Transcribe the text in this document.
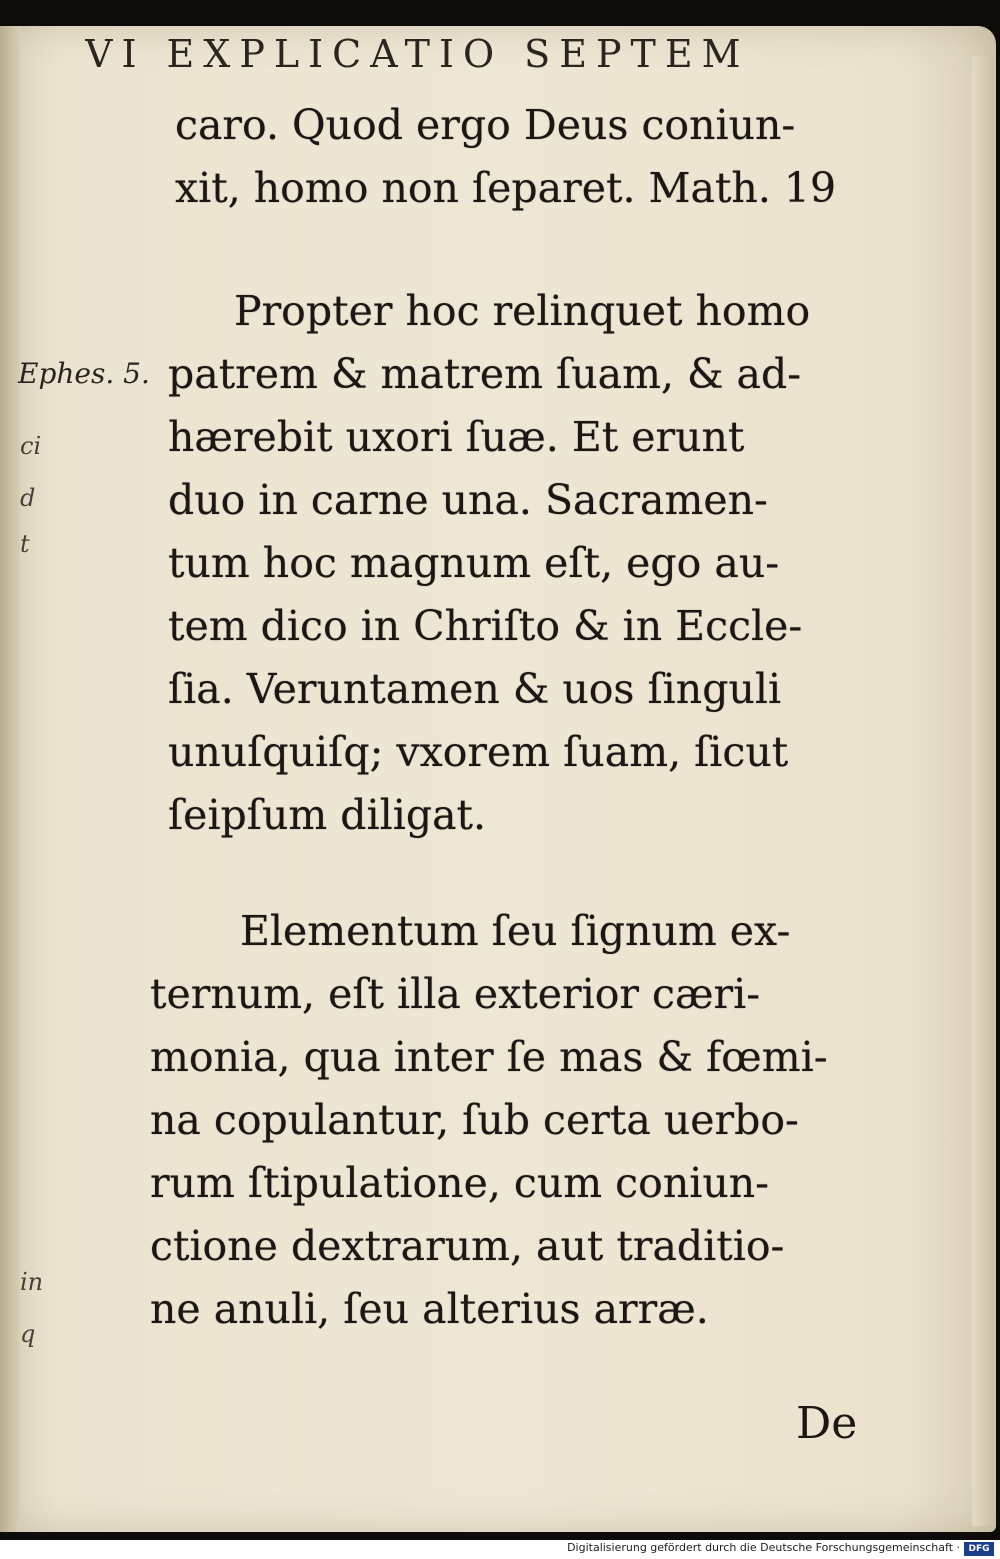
VI EXPLICATIO SEPTEM
caro. Quod ergo Deus coniun-
xit, homo non ſeparet. Math. 19
Ephes. 5.
ci
d
t
in
q
Propter hoc relinquet homo
patrem & matrem ſuam, & ad-
hærebit uxori ſuæ. Et erunt
duo in carne una. Sacramen-
tum hoc magnum eſt, ego au-
tem dico in Chriſto & in Eccle-
ſia. Veruntamen & uos ſinguli
unuſquiſq; vxorem ſuam, ſicut
ſeipſum diligat.
Elementum ſeu ſignum ex-
ternum, eſt illa exterior cæri-
monia, qua inter ſe mas & fœmi-
na copulantur, ſub certa uerbo-
rum ſtipulatione, cum coniun-
ctione dextrarum, aut traditio-
ne anuli, ſeu alterius arræ.
De
Digitalisierung gefördert durch die Deutsche Forschungsgemeinschaft · DFG
